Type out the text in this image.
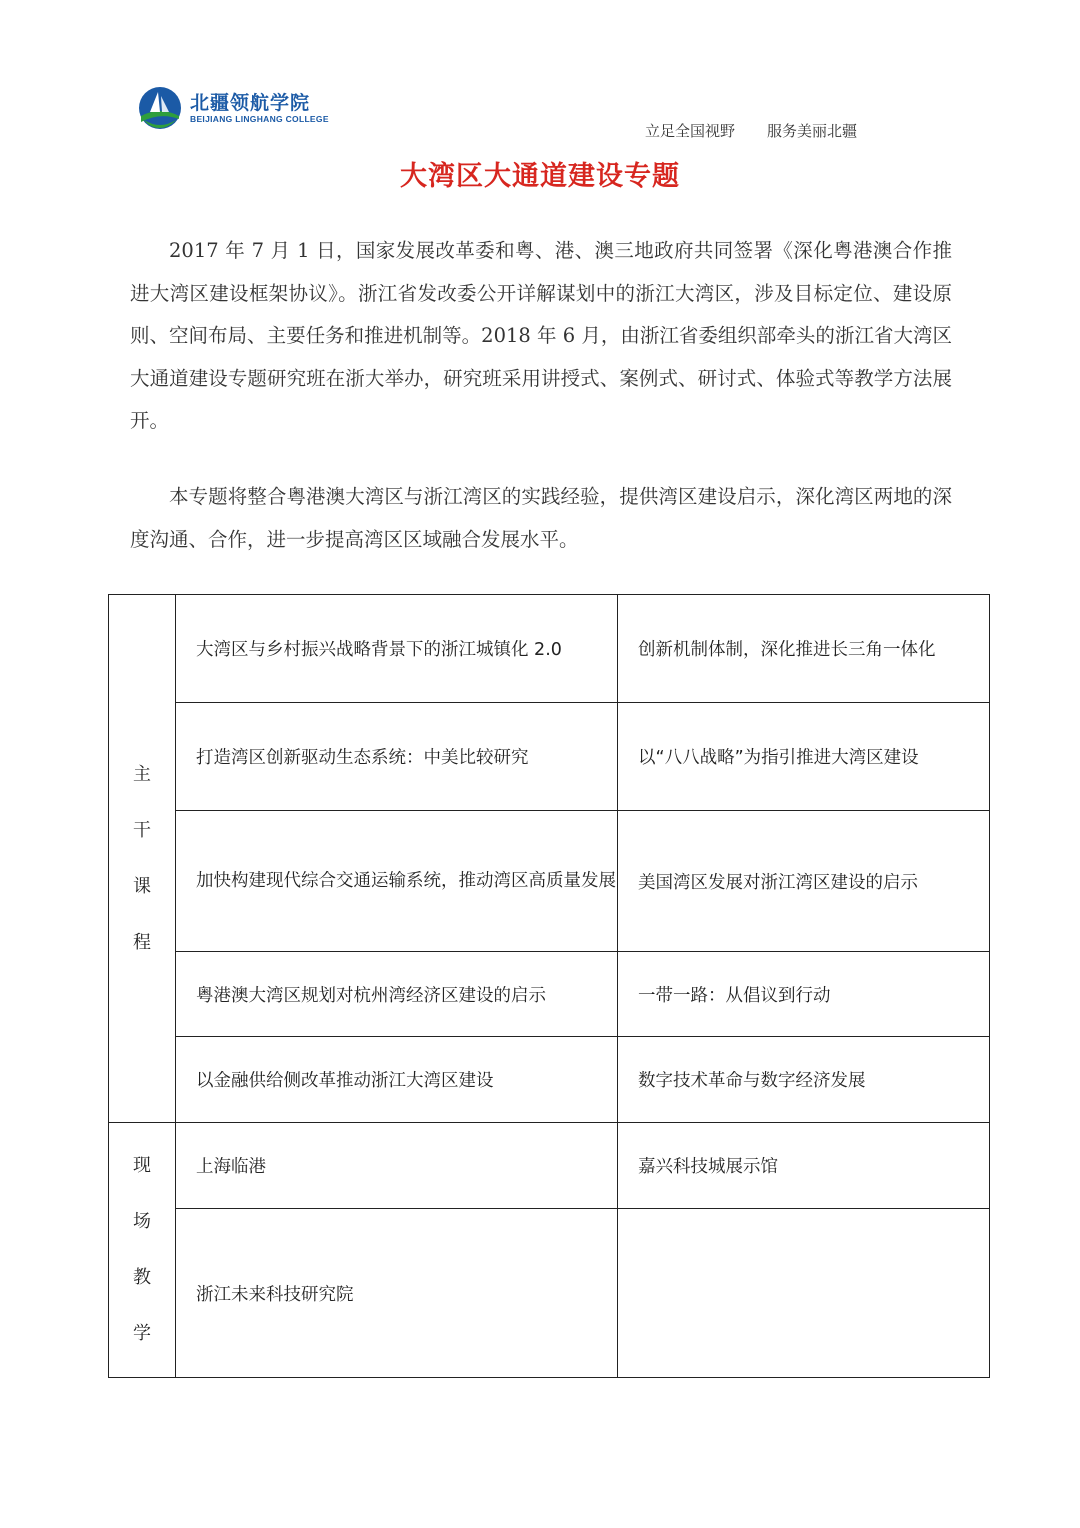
北疆领航学院
BEIJIANG LINGHANG COLLEGE
立足全国视野 服务美丽北疆
大湾区大通道建设专题

2017 年 7 月 1 日，国家发展改革委和粤、港、澳三地政府共同签署《深化粤港澳合作推进大湾区建设框架协议》。浙江省发改委公开详解谋划中的浙江大湾区，涉及目标定位、建设原则、空间布局、主要任务和推进机制等。2018 年 6 月，由浙江省委组织部牵头的浙江省大湾区大通道建设专题研究班在浙大举办，研究班采用讲授式、案例式、研讨式、体验式等教学方法展开。

本专题将整合粤港澳大湾区与浙江湾区的实践经验，提供湾区建设启示，深化湾区两地的深度沟通、合作，进一步提高湾区区域融合发展水平。

主
干
课
程	大湾区与乡村振兴战略背景下的浙江城镇化 2.0	创新机制体制，深化推进长三角一体化
	打造湾区创新驱动生态系统：中美比较研究	以“八八战略”为指引推进大湾区建设
	加快构建现代综合交通运输系统，推动湾区高质量发展	美国湾区发展对浙江湾区建设的启示
	粤港澳大湾区规划对杭州湾经济区建设的启示	一带一路：从倡议到行动
	以金融供给侧改革推动浙江大湾区建设	数字技术革命与数字经济发展

现
场
教
学	上海临港	嘉兴科技城展示馆
	浙江未来科技研究院	
